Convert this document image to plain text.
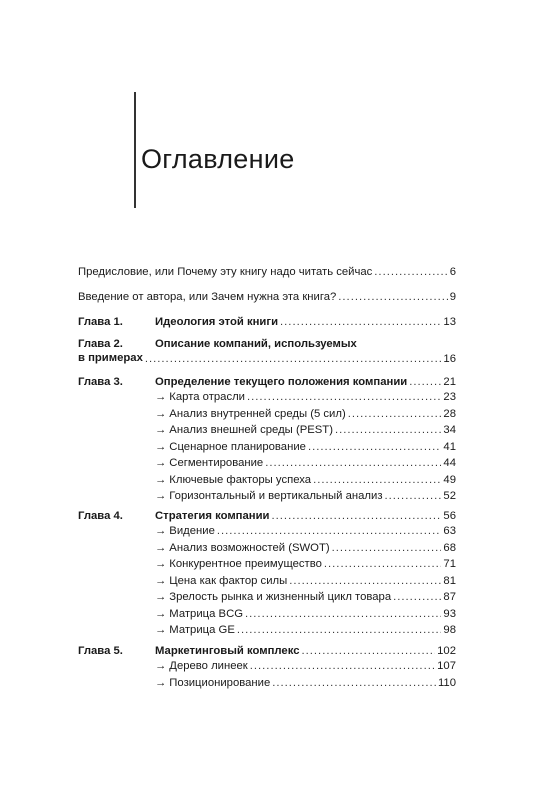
Оглавление
Предисловие, или Почему эту книгу надо читать сейчас .....	6
Введение от автора, или Зачем нужна эта книга? .....	9
Глава 1.	Идеология этой книги .....	13
Глава 2.	Описание компаний, используемых
в примерах .....	16
Глава 3.	Определение текущего положения компании .....	21
→ Карта отрасли .....	23
→ Анализ внутренней среды (5 сил) .....	28
→ Анализ внешней среды (PEST) .....	34
→ Сценарное планирование .....	41
→ Сегментирование .....	44
→ Ключевые факторы успеха .....	49
→ Горизонтальный и вертикальный анализ .....	52
Глава 4.	Стратегия компании .....	56
→ Видение .....	63
→ Анализ возможностей (SWOT) .....	68
→ Конкурентное преимущество .....	71
→ Цена как фактор силы .....	81
→ Зрелость рынка и жизненный цикл товара .....	87
→ Матрица BCG .....	93
→ Матрица GE .....	98
Глава 5.	Маркетинговый комплекс .....	102
→ Дерево линеек .....	107
→ Позиционирование .....	110
